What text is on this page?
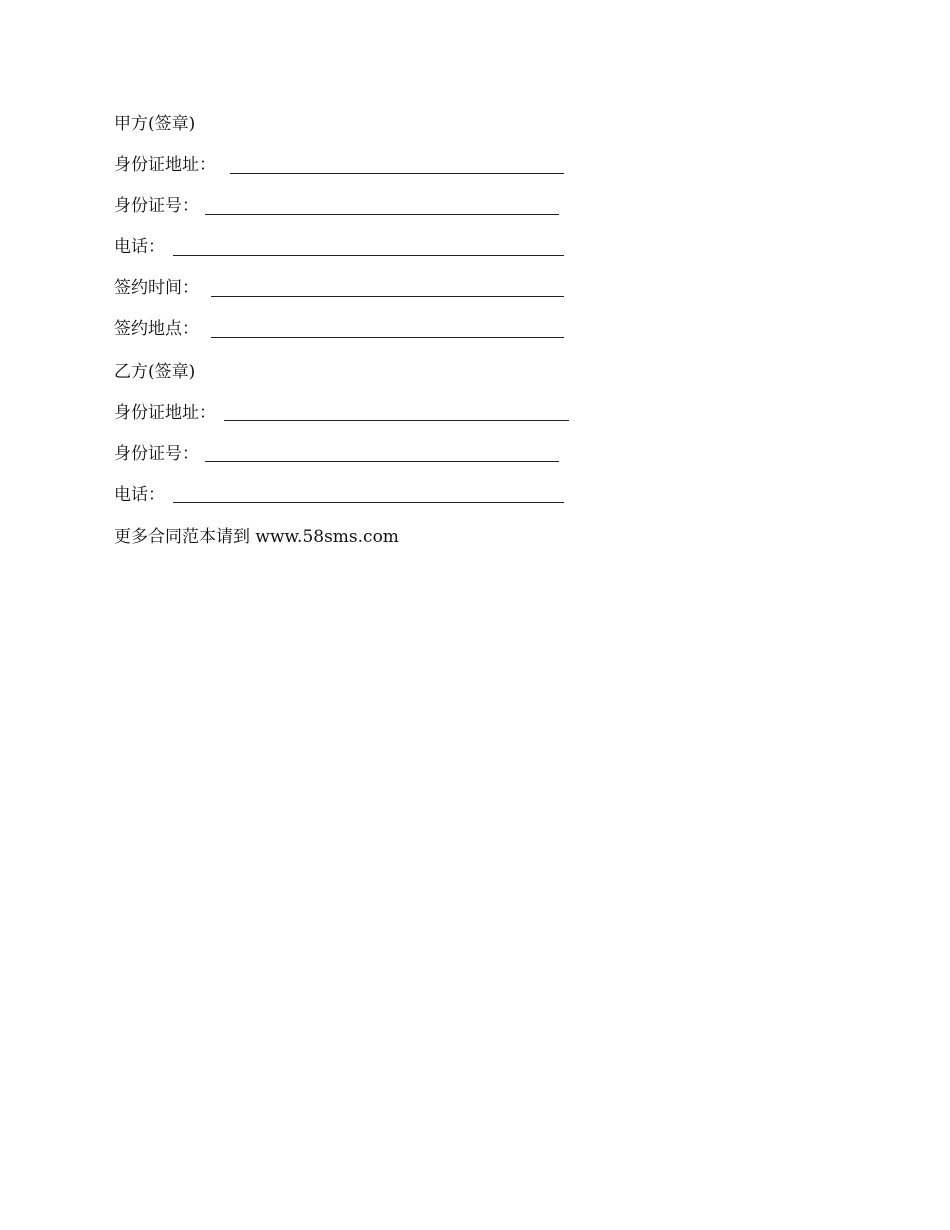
甲方(签章)
身份证地址：
身份证号：
电话：
签约时间：
签约地点：
乙方(签章)
身份证地址：
身份证号：
电话：
更多合同范本请到 www.58sms.com
